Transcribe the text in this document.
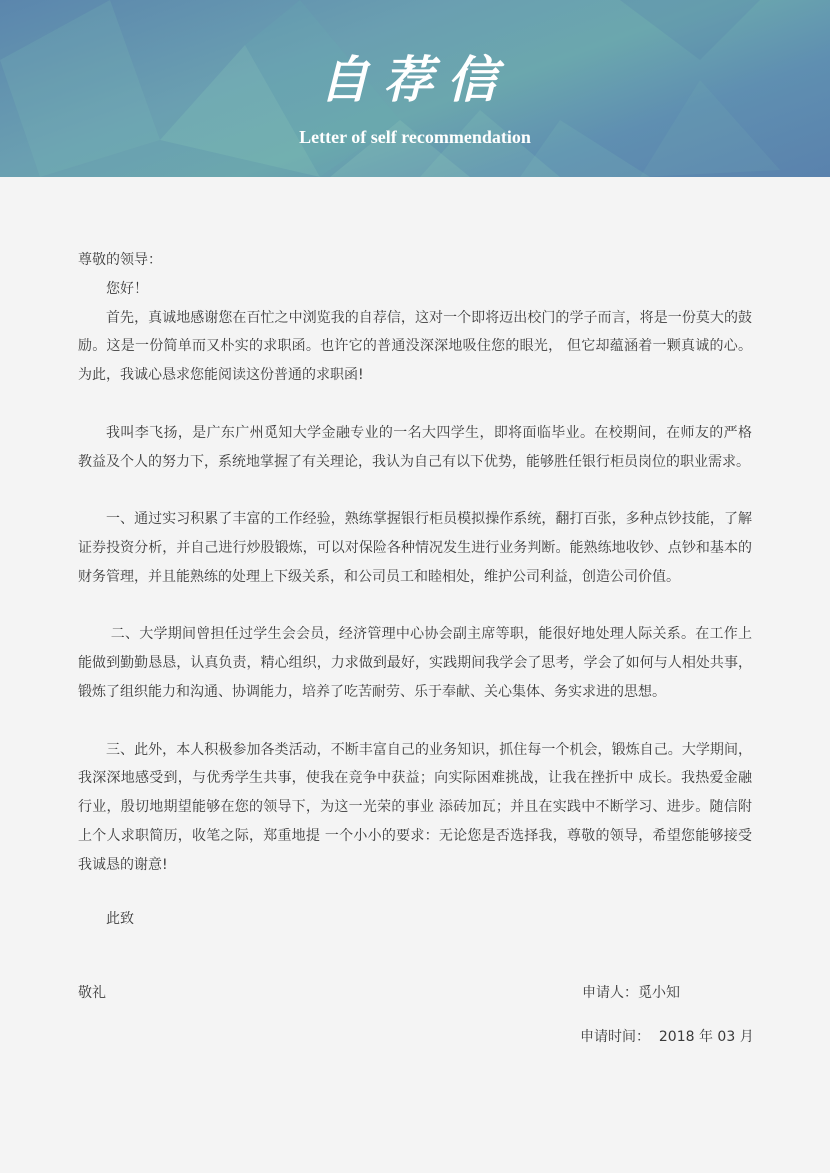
自荐信
Letter of self recommendation

尊敬的领导：

您好！

首先，真诚地感谢您在百忙之中浏览我的自荐信，这对一个即将迈出校门的学子而言，将是一份莫大的鼓励。这是一份简单而又朴实的求职函。也许它的普通没深深地吸住您的眼光， 但它却蕴涵着一颗真诚的心。为此，我诚心恳求您能阅读这份普通的求职函!

我叫李飞扬，是广东广州觅知大学金融专业的一名大四学生，即将面临毕业。在校期间，在师友的严格 教益及个人的努力下，系统地掌握了有关理论，我认为自己有以下优势，能够胜任银行柜员岗位的职业需求。

一、通过实习积累了丰富的工作经验，熟练掌握银行柜员模拟操作系统，翻打百张，多种点钞技能，了解证券投资分析，并自己进行炒股锻炼，可以对保险各种情况发生进行业务判断。能熟练地收钞、点钞和基本的财务管理，并且能熟练的处理上下级关系，和公司员工和睦相处，维护公司利益，创造公司价值。

二、大学期间曾担任过学生会会员，经济管理中心协会副主席等职，能很好地处理人际关系。在工作上能做到勤勤恳恳，认真负责，精心组织，力求做到最好，实践期间我学会了思考，学会了如何与人相处共事，锻炼了组织能力和沟通、协调能力，培养了吃苦耐劳、乐于奉献、关心集体、务实求进的思想。

三、此外，本人积极参加各类活动，不断丰富自己的业务知识，抓住每一个机会，锻炼自己。大学期间，我深深地感受到，与优秀学生共事，使我在竞争中获益；向实际困难挑战，让我在挫折中 成长。我热爱金融行业，殷切地期望能够在您的领导下，为这一光荣的事业 添砖加瓦；并且在实践中不断学习、进步。随信附上个人求职简历，收笔之际，郑重地提 一个小小的要求：无论您是否选择我，尊敬的领导，希望您能够接受我诚恳的谢意!

此致

敬礼	申请人：觅小知
申请时间：  2018 年 03 月
